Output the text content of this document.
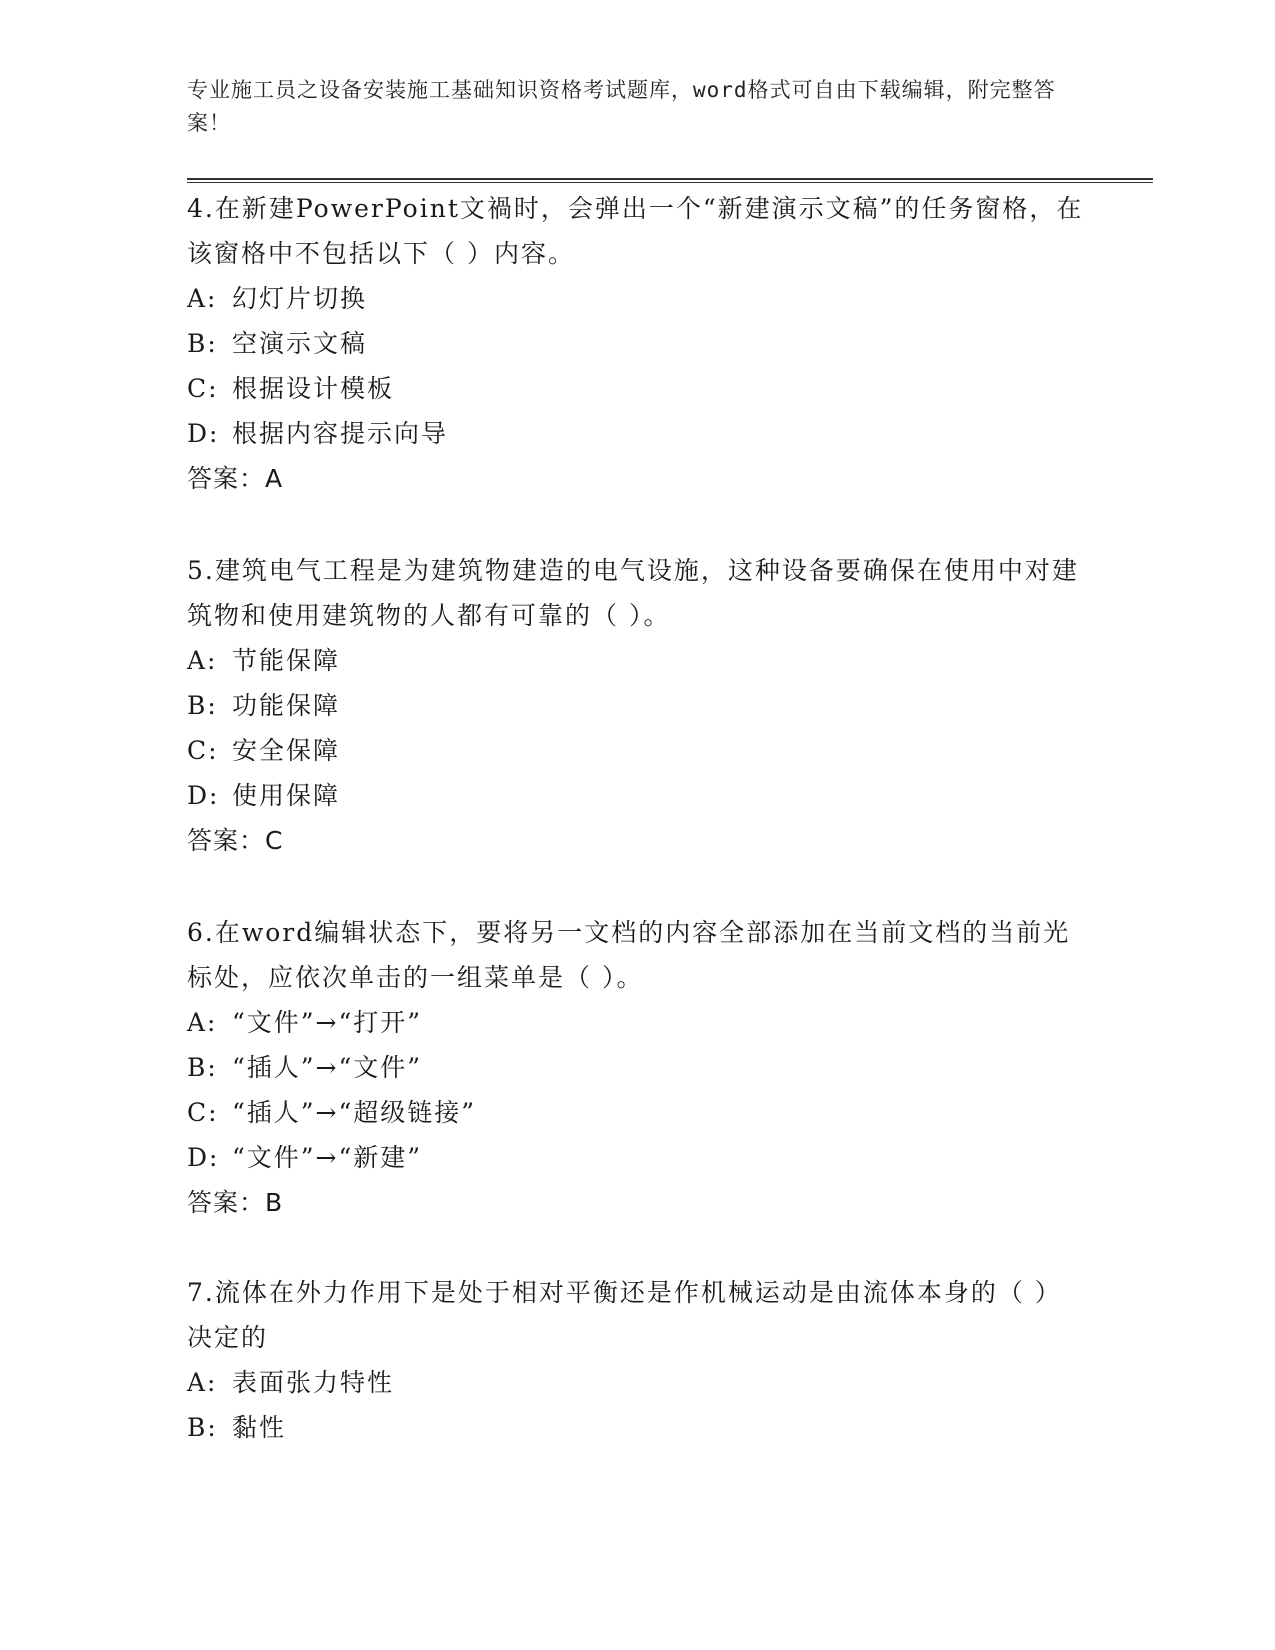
专业施工员之设备安装施工基础知识资格考试题库，word格式可自由下载编辑，附完整答案！

4.在新建PowerPoint文禍时，会弹出一个“新建演示文稿”的任务窗格，在该窗格中不包括以下（ ）内容。

A: 幻灯片切换

B: 空演示文稿

C: 根据设计模板

D: 根据内容提示向导

答案：A

5.建筑电气工程是为建筑物建造的电气设施，这种设备要确保在使用中对建筑物和使用建筑物的人都有可靠的（ ）。

A: 节能保障

B: 功能保障

C: 安全保障

D: 使用保障

答案：C

6.在word编辑状态下，要将另一文档的内容全部添加在当前文档的当前光标处，应依次单击的一组菜单是（ ）。

A: “文件”→“打开”

B: “插人”→“文件”

C: “插人”→“超级链接”

D: “文件”→“新建”

答案：B

7.流体在外力作用下是处于相对平衡还是作机械运动是由流体本身的（ ）决定的

A: 表面张力特性

B: 黏性
